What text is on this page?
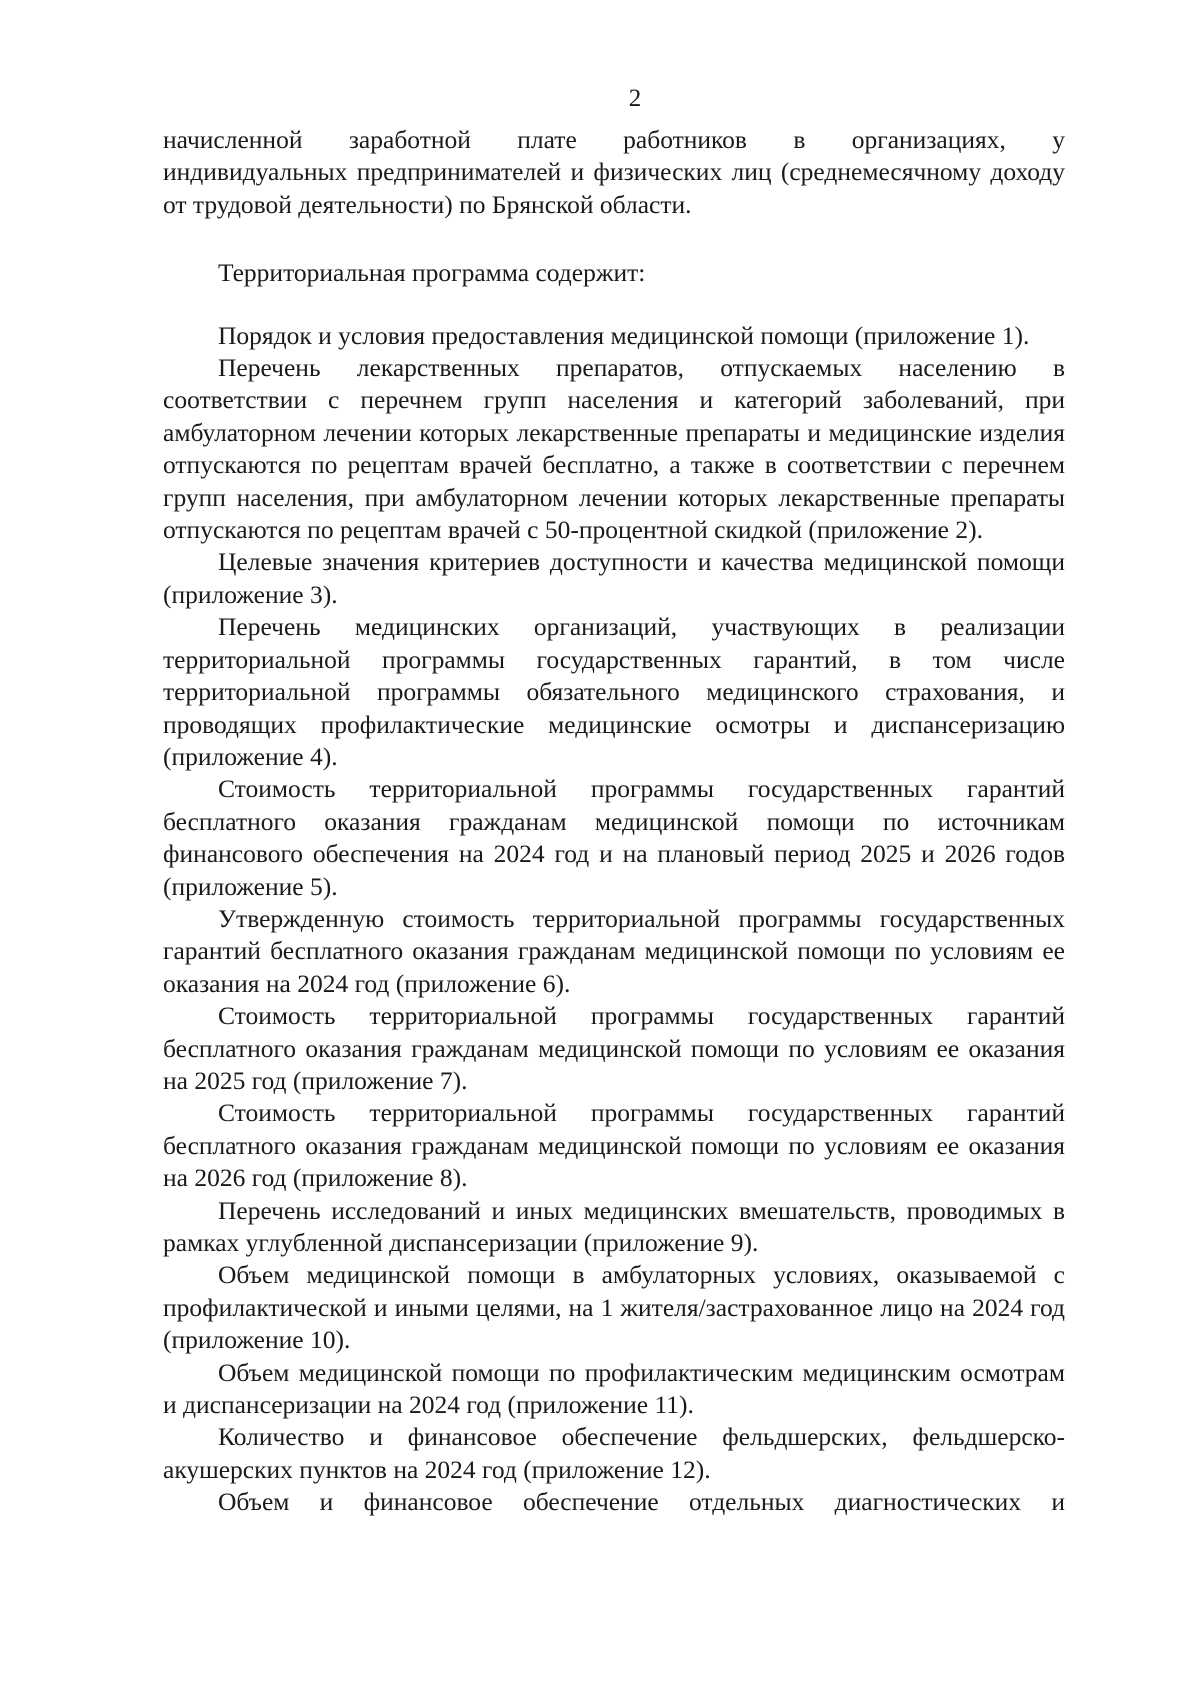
2

начисленной заработной плате работников в организациях, у

индивидуальных предпринимателей и физических лиц (среднемесячному доходу от трудовой деятельности) по Брянской области.

Территориальная программа содержит:

Порядок и условия предоставления медицинской помощи (приложение 1).

Перечень лекарственных препаратов, отпускаемых населению в соответствии с перечнем групп населения и категорий заболеваний, при амбулаторном лечении которых лекарственные препараты и медицинские изделия отпускаются по рецептам врачей бесплатно, а также в соответствии с перечнем групп населения, при амбулаторном лечении которых лекарственные препараты отпускаются по рецептам врачей с 50-процентной скидкой (приложение 2).

Целевые значения критериев доступности и качества медицинской помощи (приложение 3).

Перечень медицинских организаций, участвующих в реализации территориальной программы государственных гарантий, в том числе территориальной программы обязательного медицинского страхования, и проводящих профилактические медицинские осмотры и диспансеризацию (приложение 4).

Стоимость территориальной программы государственных гарантий бесплатного оказания гражданам медицинской помощи по источникам финансового обеспечения на 2024 год и на плановый период 2025 и 2026 годов (приложение 5).

Утвержденную стоимость территориальной программы государственных гарантий бесплатного оказания гражданам медицинской помощи по условиям ее оказания на 2024 год (приложение 6).

Стоимость территориальной программы государственных гарантий бесплатного оказания гражданам медицинской помощи по условиям ее оказания на 2025 год (приложение 7).

Стоимость территориальной программы государственных гарантий бесплатного оказания гражданам медицинской помощи по условиям ее оказания на 2026 год (приложение 8).

Перечень исследований и иных медицинских вмешательств, проводимых в рамках углубленной диспансеризации (приложение 9).

Объем медицинской помощи в амбулаторных условиях, оказываемой с профилактической и иными целями, на 1 жителя/застрахованное лицо на 2024 год (приложение 10).

Объем медицинской помощи по профилактическим медицинским осмотрам и диспансеризации на 2024 год (приложение 11).

Количество и финансовое обеспечение фельдшерских, фельдшерско-акушерских пунктов на 2024 год (приложение 12).

Объем и финансовое обеспечение отдельных диагностических и
